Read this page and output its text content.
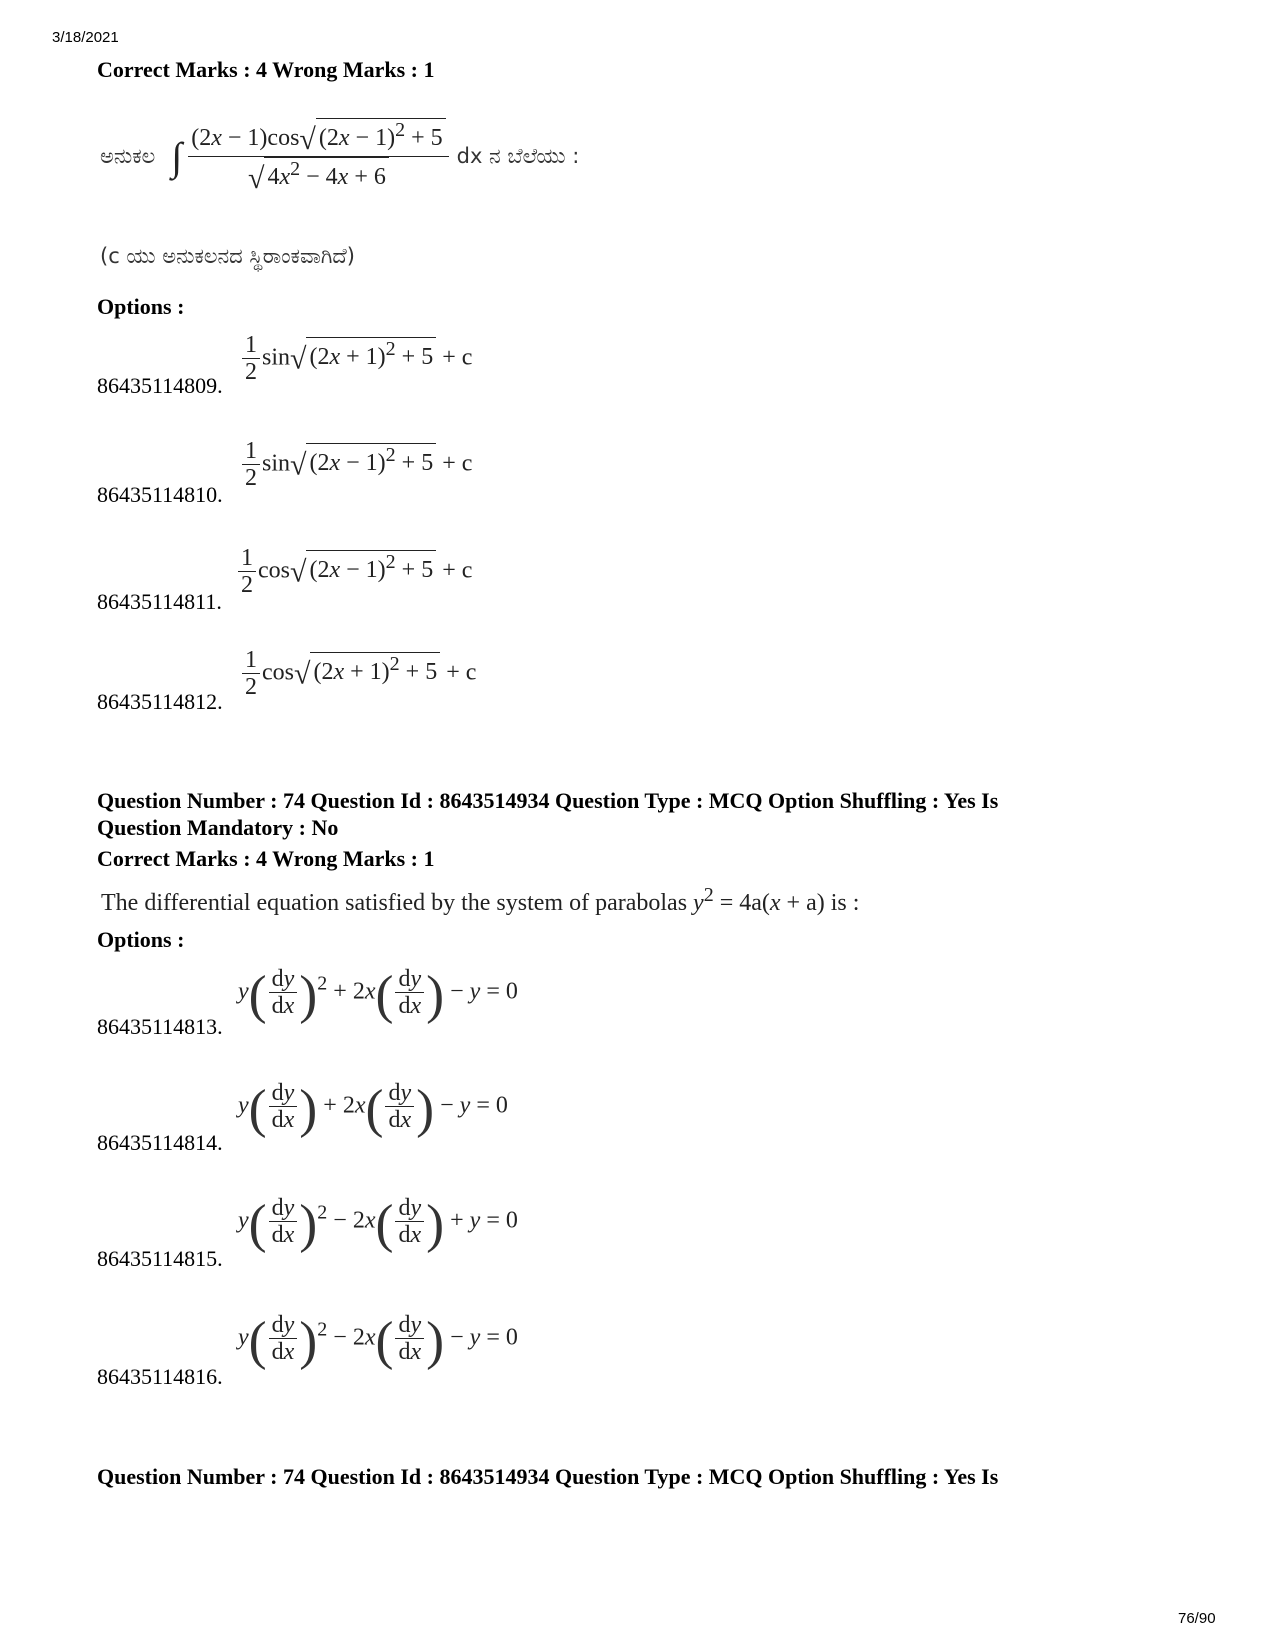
3/18/2021
Correct Marks : 4 Wrong Marks : 1
ಅನುಕಲ ∫ $\frac{(2x - 1)\cos√ (2x - 1)^2 + 5}{√ 4x^2 - 4x + 6}$ dx ನ ಬೆಲೆಯು :
(c ಯು ಅನುಕಲನದ ಸ್ಥಿರಾಂಕವಾಗಿದೆ)
Options :
86435114809. $\frac{1}{2} \sin√$ $(2x + 1)^2 + 5 + c$
86435114810.
$\frac{1}{2} \sin√$ $(2x - 1)^2 + 5 + c$
86435114811.
$\frac{1}{2} \cos√$ $(2x - 1)^2 + 5 + c$
86435114812.
$\frac{1}{2} \cos√$ $(2x + 1)^2 + 5 + c$
Question Number : 74 Question Id : 8643514934 Question Type : MCQ Option Shuffling : Yes Is
Question Mandatory : No
Correct Marks : 4 Wrong Marks : 1
The differential equation satisfied by the system of parabolas $y^2 = 4a(x + a)$ is :
Options :
86435114813.
$y( \frac{dy}{dx} )^2 + 2x( \frac{dy}{dx}$ ) − y = 0
86435114814.
$y( \frac{dy}{dx}$ ) + $2x( \frac{dy}{dx}$ ) − y = 0
86435114815.
$y( \frac{dy}{dx} )^2 - 2x( \frac{dy}{dx}$ ) + y = 0
86435114816.
$y( \frac{dy}{dx} )^2 - 2x( \frac{dy}{dx}$ ) − y = 0
Question Number : 74 Question Id : 8643514934 Question Type : MCQ Option Shuffling : Yes Is
76/90
